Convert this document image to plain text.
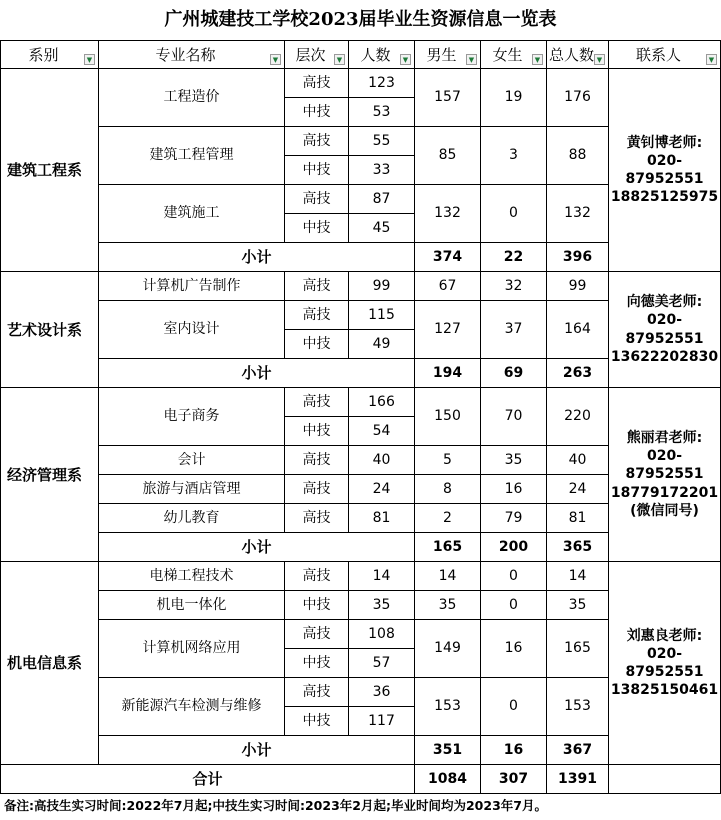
广州城建技工学校2023届毕业生资源信息一览表
系别 ▼	专业名称 ▼	层次 ▼	人数 ▼	男生 ▼	女生 ▼	总人数 ▼	联系人 ▼

建筑工程系	工程造价	高技	123	157	19	176	黄钊博老师:
020-
87952551
18825125975

		中技	53				
	建筑工程管理	高技	55	85	3	88	
		中技	33				
	建筑施工	高技	87	132	0	132	
		中技	45				
	小计			374	22	396	
艺术设计系	计算机广告制作	高技	99	67	32	99	向德美老师:
020-
87952551
13622202830

	室内设计	高技	115	127	37	164	
		中技	49				
	小计			194	69	263	
经济管理系	电子商务	高技	166	150	70	220	熊丽君老师:
020-
87952551
18779172201
(微信同号)

		中技	54				
	会计	高技	40	5	35	40	
	旅游与酒店管理	高技	24	8	16	24	
	幼儿教育	高技	81	2	79	81	
	小计			165	200	365	
机电信息系	电梯工程技术	高技	14	14	0	14	刘惠良老师:
020-
87952551
13825150461

	机电一体化	中技	35	35	0	35	
	计算机网络应用	高技	108	149	16	165	
		中技	57				
	新能源汽车检测与维修	高技	36	153	0	153	
		中技	117				
	小计			351	16	367	
合计				1084	307	1391	
备注:高技生实习时间:2022年7月起;中技生实习时间:2023年2月起;毕业时间均为2023年7月。
